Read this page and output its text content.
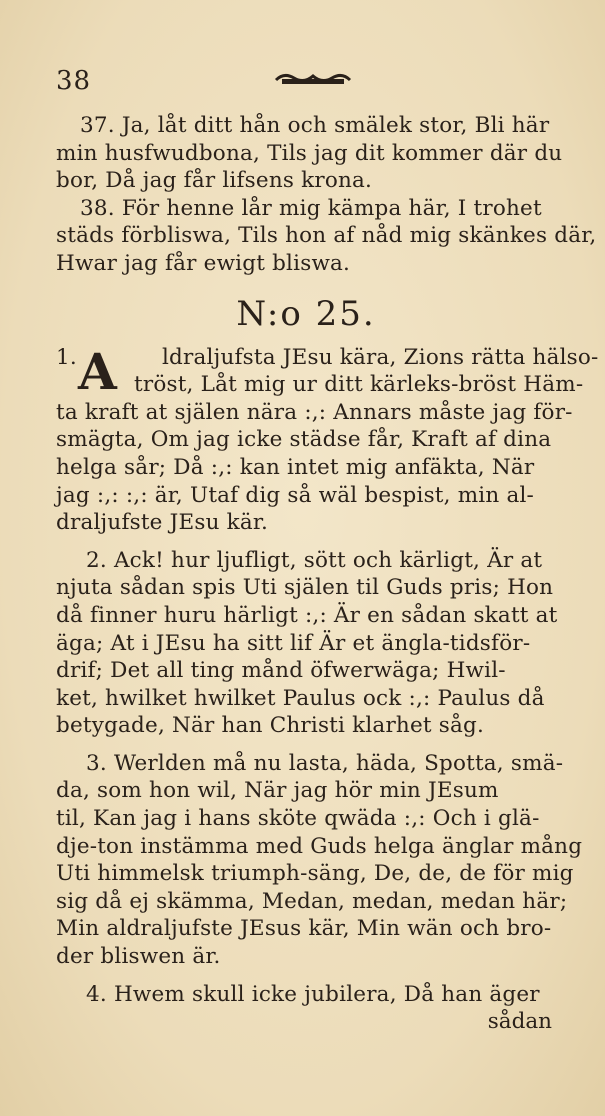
38
37. Ja, låt ditt hån och smälek stor, Bli här
min husfwudbona, Tils jag dit kommer där du
bor, Då jag får lifsens krona.
38. För henne lår mig kämpa här, I trohet
städs förbliswa, Tils hon af nåd mig skänkes där,
Hwar jag får ewigt bliswa.
N:o 25.
1. A ldraljufsta JEsu kära, Zions rätta hälso-
tröst, Låt mig ur ditt kärleks-bröst Häm-
ta kraft at själen nära :,: Annars måste jag för-
smägta, Om jag icke städse får, Kraft af dina
helga sår; Då :,: kan intet mig anfäkta, När
jag :,: :,: är, Utaf dig så wäl bespist, min al-
draljufste JEsu kär.
2. Ack! hur ljufligt, sött och kärligt, Är at
njuta sådan spis Uti själen til Guds pris; Hon
då finner huru härligt :,: Är en sådan skatt at
äga; At i JEsu ha sitt lif Är et ängla-tidsför-
drif; Det all ting månd öfwerwäga; Hwil-
ket, hwilket hwilket Paulus ock :,: Paulus då
betygade, När han Christi klarhet såg.
3. Werlden må nu lasta, häda, Spotta, smä-
da, som hon wil, När jag hör min JEsum
til, Kan jag i hans sköte qwäda :,: Och i glä-
dje-ton instämma med Guds helga änglar mång
Uti himmelsk triumph-säng, De, de, de för mig
sig då ej skämma, Medan, medan, medan här;
Min aldraljufste JEsus kär, Min wän och bro-
der bliswen är.
4. Hwem skull icke jubilera, Då han äger
sådan
